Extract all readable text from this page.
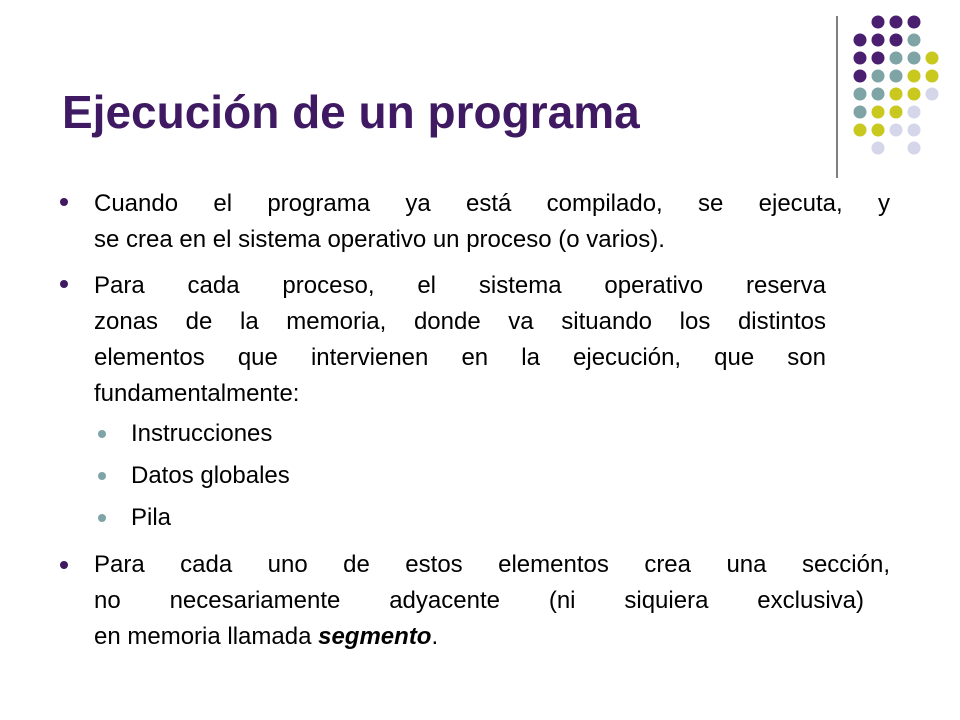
Ejecución de un programa
Cuando el programa ya está compilado, se ejecuta, y
se crea en el sistema operativo un proceso (o varios).
Para cada proceso, el sistema operativo reserva
zonas de la memoria, donde va situando los distintos
elementos que intervienen en la ejecución, que son
fundamentalmente:
Instrucciones
Datos globales
Pila
Para cada uno de estos elementos crea una sección,
no necesariamente adyacente (ni siquiera exclusiva)
en memoria llamada segmento.
